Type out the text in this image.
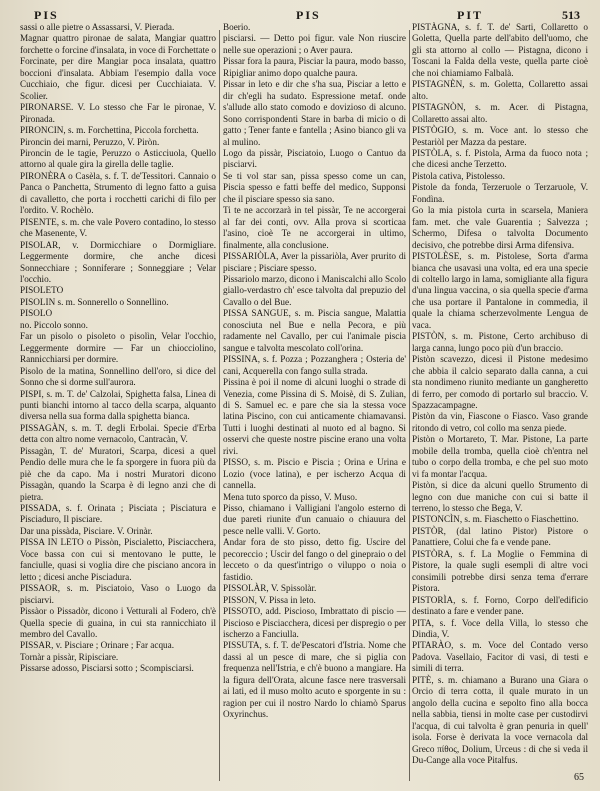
PIS	PIS	PIT	513

sassi o alle pietre o Assassarsi, V. Pierada.

Magnar quattro pironae de salata, Mangiar quattro forchette o forcine d'insalata, in voce di Forchettate o Forcinate, per dire Mangiar poca insalata, quattro boccioni d'insalata. Abbiam l'esempio dalla voce Cucchiaio, che figur. dicesi per Cucchiaiata. V. Scolier.

PIRONARSE. V. Lo stesso che Far le pironae, V. Pironada.

PIRONCIN, s. m. Forchettina, Piccola forchetta.

Pironcin dei marni, Peruzzo, V. Piròn.

Pironcin de le tagie, Peruzzo o Asticciuola, Quello attorno al quale gira la girella delle taglie.

PIRONÈRA o Casèla, s. f. T. de'Tessitori. Cannaio o Panca o Panchetta, Strumento di legno fatto a guisa di cavalletto, che porta i rocchetti carichi di filo per l'ordito. V. Rochèlo.

PISENTE, s. m. che vale Povero contadino, lo stesso che Masenente, V.

PISOLAR, v. Dormicchiare o Dormigliare. Leggermente dormire, che anche dicesi Sonnecchiare ; Sonniferare ; Sonneggiare ; Velar l'occhio.

PISOLETO

PISOLIN s. m. Sonnerello o Sonnellino.

PISOLO

no. Piccolo sonno.

Far un pisolo o pisoleto o pisolìn, Velar l'occhio, Leggermente dormire — Far un chiocciolino, Rannicchiarsi per dormire.

Pisolo de la matina, Sonnellino dell'oro, si dice del Sonno che si dorme sull'aurora.

PISPI, s. m. T. de' Calzolai, Spighetta falsa, Linea di punti bianchi intorno al tacco della scarpa, alquanto diversa nella sua forma dalla spighetta bianca.

PISSAGÀN, s. m. T. degli Erbolai. Specie d'Erba detta con altro nome vernacolo, Cantracàn, V.

Pissagàn, T. de' Muratori, Scarpa, dicesi a quel Pendìo delle mura che le fa sporgere in fuora più da piè che da capo. Ma i nostri Muratori dicono Pissagàn, quando la Scarpa è di legno anzi che di pietra.

PISSADA, s. f. Orinata ; Pisciata ; Pisciatura e Pisciaduro, Il pisciare.

Dar una pissàda, Pisciare. V. Orinàr.

PISSA IN LETO o Pissòn, Piscialetto, Pisciacchera, Voce bassa con cui si mentovano le putte, le fanciulle, quasi si voglia dire che pisciano ancora in letto ; dicesi anche Pisciadura.

PISSAOR, s. m. Pisciatoio, Vaso o Luogo da pisciarvi.

Pissàor o Pissadòr, dicono i Vetturali al Fodero, ch'è Quella specie di guaina, in cui sta rannicchiato il membro del Cavallo.

PISSAR, v. Pisciare ; Orinare ; Far acqua.

Tornàr a pissàr, Ripisciare.

Pissarse adosso, Pisciarsi sotto ; Scompisciarsi.

Boerio.

pisciarsi. — Detto poi figur. vale Non riuscire nelle sue operazioni ; o Aver paura.

Pissar fora la paura, Pisciar la paura, modo basso, Ripigliar animo dopo qualche paura.

Pissar in leto e dir che s'ha sua, Pisciar a letto e dir ch'egli ha sudato. Espressione metaf. onde s'allude allo stato comodo e dovizioso di alcuno. Sono corrispondenti Stare in barba di micio o di gatto ; Tener fante e fantella ; Asino bianco gli va al mulino.

Logo da pissàr, Pisciatoio, Luogo o Cantuo da pisciarvi.

Se ti vol star san, pissa spesso come un can, Piscia spesso e fatti beffe del medico, Supponsi che il pisciare spesso sia sano.

Ti te ne accorzarà in tel pissàr, Te ne accorgerai al far dei conti, ovv. Alla prova si scorticaa l'asino, cioè Te ne accorgerai in ultimo, finalmente, alla conclusione.

PISSARIÒLA, Aver la pissariòla, Aver prurito di pisciare ; Pisciare spesso.

Pissariolo marzo, dicono i Maniscalchi allo Scolo giallo-verdastro ch' esce talvolta dal prepuzio del Cavallo o del Bue.

PISSA SANGUE, s. m. Piscia sangue, Malattia conosciuta nel Bue e nella Pecora, e più radamente nel Cavallo, per cui l'animale piscia sangue e talvolta mescolato coll'orina.

PISSINA, s. f. Pozza ; Pozzanghera ; Osteria de' cani, Acquerella con fango sulla strada.

Pissina è poi il nome di alcuni luoghi o strade di Venezia, come Pissina di S. Moisè, di S. Zulian, di S. Samuel ec. e pare che sia la stessa voce latina Piscino, con cui anticamente chiamavansi. Tutti i luoghi destinati al nuoto ed al bagno. Si osservi che queste nostre piscine erano una volta rivi.

PISSO, s. m. Piscio e Piscia ; Orina e Urina e Lozio (voce latina), e per ischerzo Acqua di cannella.

Mena tuto sporco da pisso, V. Muso.

Pisso, chiamano i Valligiani l'angolo esterno di due pareti riunite d'un canuaio o chiauura del pesce nelle valli. V. Gorto.

Andar fora de sto pisso, detto fig. Uscire del pecoreccio ; Uscir del fango o del ginepraio o del lecceto o da quest'intrigo o viluppo o noia o fastidio.

PISSOLÀR, V. Spissolàr.

PISSON, V. Pissa in leto.

PISSOTO, add. Piscioso, Imbrattato di piscio — Piscioso e Pisciacchera, dicesi per dispregio o per ischerzo a Fanciulla.

PISSUTA, s. f. T. de'Pescatori d'Istria. Nome che dassi al un pesce di mare, che si piglia con frequenza nell'Istria, e ch'è buono a mangiare. Ha la figura dell'Orata, alcune fasce nere trasversali ai lati, ed il muso molto acuto e sporgente in su : ragion per cui il nostro Nardo lo chiamò Sparus Oxyrinchus.

PISTÀGNA, s. f. T. de' Sarti, Collaretto o Goletta, Quella parte dell'abito dell'uomo, che gli sta attorno al collo — Pistagna, dicono i Toscani la Falda della veste, quella parte cioè che noi chiamiamo Falbalà.

PISTAGNÈN, s. m. Goletta, Collaretto assai alto.

PISTAGNÒN, s. m. Acer. di Pistagna, Collaretto assai alto.

PISTÒGIO, s. m. Voce ant. lo stesso che Pestariòl per Mazza da pestare.

PISTÒLA, s. f. Pistola, Arma da fuoco nota ; che dicesi anche Terzetto.

Pistola cativa, Pistolesso.

Pistole da fonda, Terzeruole o Terzaruole, V. Fondìna.

Go la mia pistola curta in scarsela, Maniera fam. met. che vale Guarentia ; Salvezza ; Schermo, Difesa o talvolta Documento decisivo, che potrebbe dirsi Arma difensiva.

PISTOLÈSE, s. m. Pistolese, Sorta d'arma bianca che usavasi una volta, ed era una specie di coltello largo in lama, somigliante alla figura d'una lingua vaccina, o sia quella specie d'arma che usa portare il Pantalone in commedia, il quale la chiama scherzevolmente Lengua de vaca.

PISTÒN, s. m. Pistone, Certo archibuso di larga canna, lungo poco più d'un braccio.

Pistòn scavezzo, dicesi il Pistone medesimo che abbia il calcio separato dalla canna, a cui sta nondimeno riunito mediante un gangheretto di ferro, per comodo di portarlo sul braccio. V. Spazzacampagne.

Pistòn da vin, Fiascone o Fiasco. Vaso grande ritondo di vetro, col collo ma senza piede.

Pistòn o Mortareto, T. Mar. Pistone, La parte mobile della tromba, quella cioè ch'entra nel tubo o corpo della tromba, e che pel suo moto vi fa montar l'acqua.

Pistòn, si dice da alcuni quello Strumento di legno con due maniche con cui si batte il terreno, lo stesso che Bega, V.

PISTONCÌN, s. m. Fiaschetto o Fiaschettino.

PISTÒR, (dal latino Pistor) Pistore o Panattiere, Colui che fa e vende pane.

PISTÒRA, s. f. La Moglie o Femmina di Pistore, la quale sugli esempli di altre voci consimili potrebbe dirsi senza tema d'errare Pistora.

PISTORÌA, s. f. Forno, Corpo dell'edificio destinato a fare e vender pane.

PITA, s. f. Voce della Villa, lo stesso che Dindìa, V.

PITARÀO, s. m. Voce del Contado verso Padova. Vasellaio, Facitor di vasi, di testi e simili di terra.

PITÈ, s. m. chiamano a Burano una Giara o Orcio di terra cotta, il quale murato in un angolo della cucina e sepolto fino alla bocca nella sabbia, tiensi in molte case per custodirvi l'acqua, di cui talvolta è gran penuria in quell' isola. Forse è derivata la voce vernacola dal Greco πίθος, Dolium, Urceus : di che si veda il Du-Cange alla voce Pitalfus.

65
